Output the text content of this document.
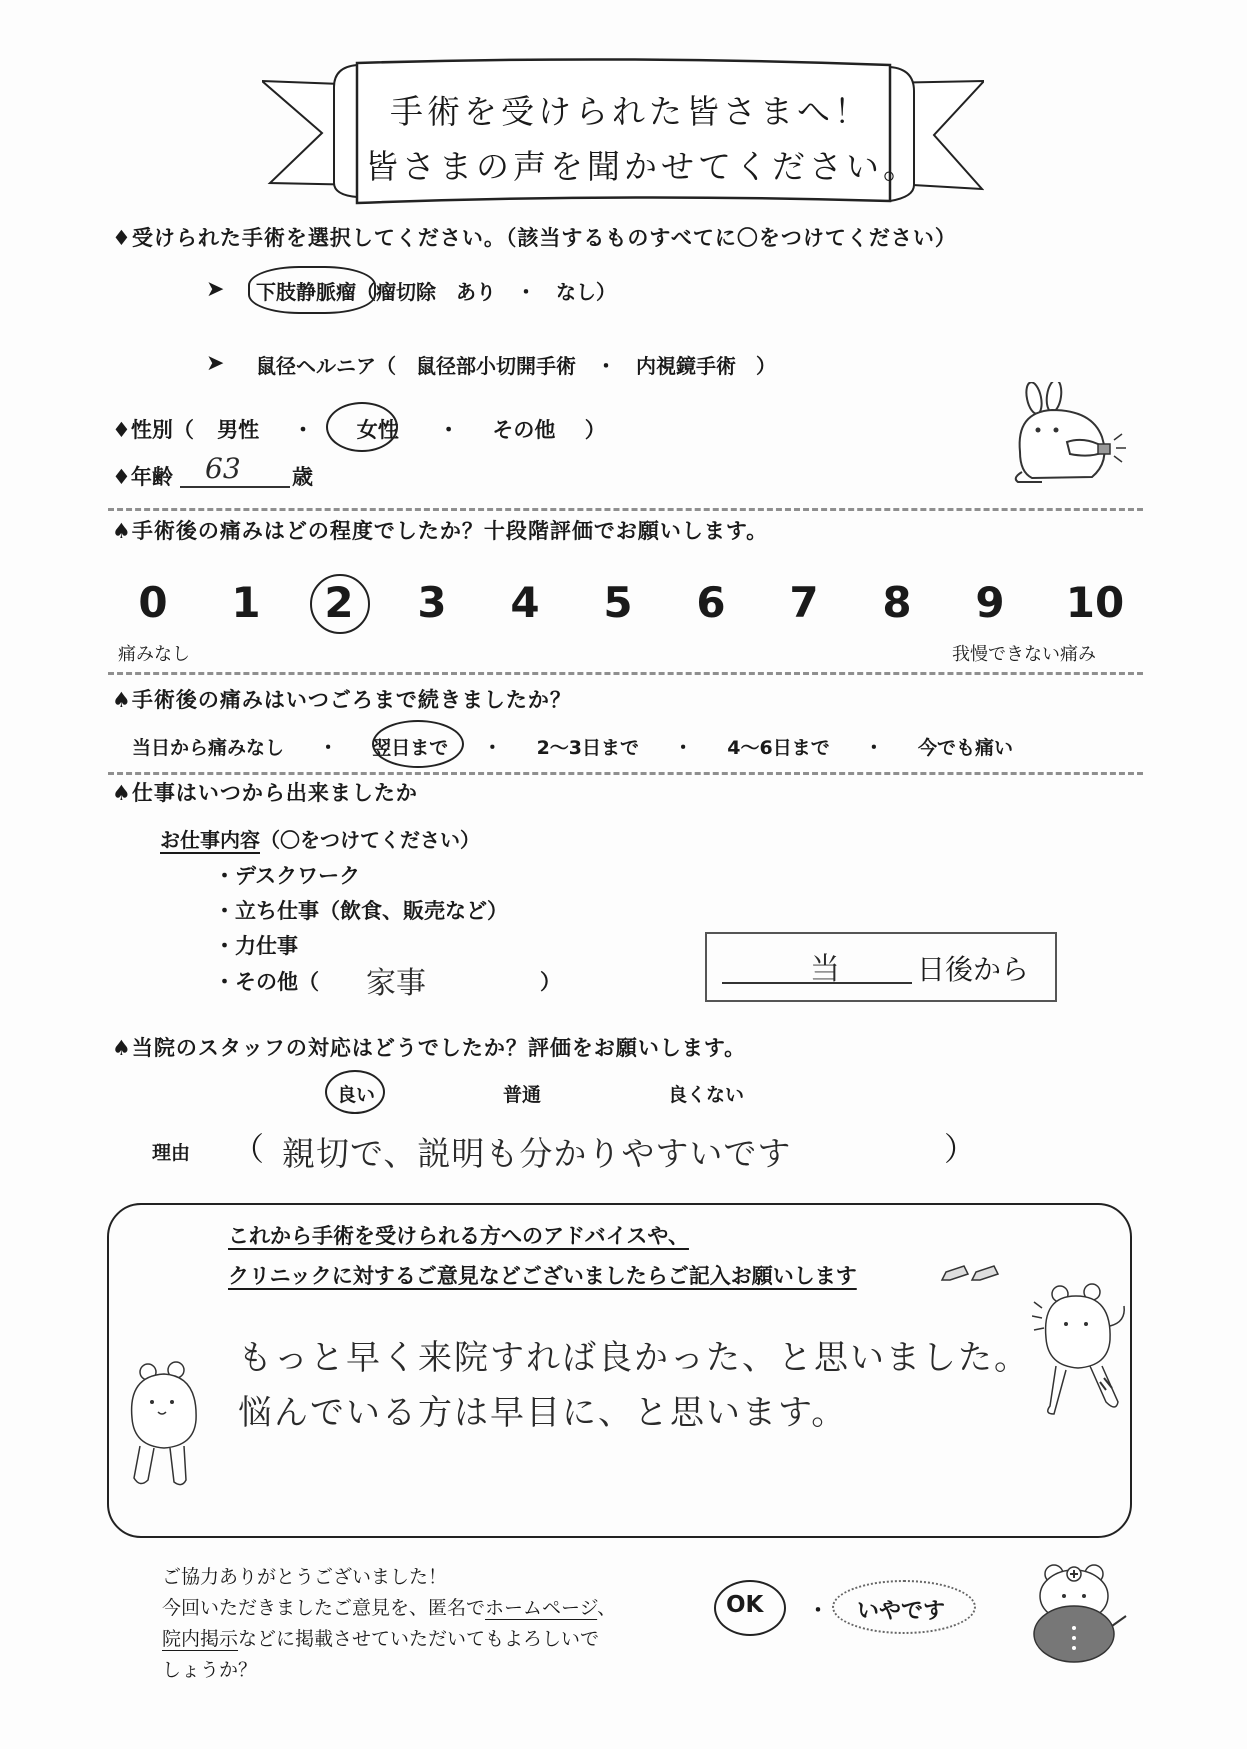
手術を受けられた皆さまへ！
皆さまの声を聞かせてください。
♦受けられた手術を選択してください。（該当するものすべてに〇をつけてください）
➤ 下肢静脈瘤（瘤切除　あり　・　なし）
➤ 鼠径ヘルニア（　鼠径部小切開手術　・　内視鏡手術　）
♦性別（ 男性 ・ 女性 ・ その他 ）
♦年齢 63 歳
♠手術後の痛みはどの程度でしたか？十段階評価でお願いします。
0	1	2	3	4	5	6	7	8	9	10
痛みなし	我慢できない痛み
♠手術後の痛みはいつごろまで続きましたか？
当日から痛みなし ・ 翌日まで ・ 2～3日まで ・ 4～6日まで ・ 今でも痛い
♠仕事はいつから出来ましたか
お仕事内容（〇をつけてください）
・デスクワーク
・立ち仕事（飲食、販売など）
・力仕事
・その他（ 家事	）	当	日後から
♠当院のスタッフの対応はどうでしたか？評価をお願いします。
良い	普通	良くない
理由 （ 親切で、説明も分かりやすいです	）
これから手術を受けられる方へのアドバイスや、
クリニックに対するご意見などございましたらご記入お願いします
もっと早く来院すれば良かった、と思いました。
悩んでいる方は早目に、と思います。
ご協力ありがとうございました！
今回いただきましたご意見を、匿名でホームページ、
院内掲示などに掲載させていただいてもよろしいで
しょうか？
OK ・ いやです
